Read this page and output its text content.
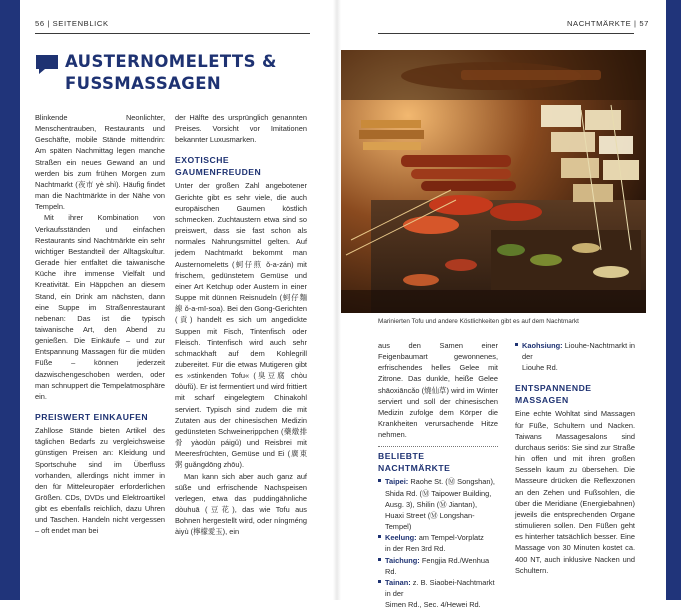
56 | SEITENBLICK	NACHTMÄRKTE | 57
AUSTERNOMELETTS &
FUSSMASSAGEN

Blinkende Neonlichter, Menschentrauben, Restaurants und Geschäfte, mobile Stände mittendrin: Am späten Nachmittag legen manche Straßen ein neues Gewand an und werden bis zum frühen Morgen zum Nachtmarkt (夜市 yè shì). Häufig findet man die Nachtmärkte in der Nähe von Tempeln.

Mit ihrer Kombination von Verkaufsständen und einfachen Restaurants sind Nachtmärkte ein sehr wichtiger Bestandteil der Alltagskultur. Gerade hier entfaltet die taiwanische Küche ihre immense Vielfalt und Kreativität. Ein Häppchen an diesem Stand, ein Drink am nächsten, dann eine Suppe im Straßenrestaurant nebenan: Das ist die typisch taiwanische Art, den Abend zu genießen. Die Einkäufe – und zur Entspannung Massagen für die müden Füße – können jederzeit dazwischengeschoben werden, oder man schnuppert die Tempelatmosphäre ein.

PREISWERT EINKAUFEN

Zahllose Stände bieten Artikel des täglichen Bedarfs zu vergleichsweise günstigen Preisen an: Kleidung und Sportschuhe sind im Überfluss vorhanden, allerdings nicht immer in den für Mitteleuropäer erforderlichen Größen. CDs, DVDs und Elektroartikel gibt es ebenfalls reichlich, dazu Uhren und Taschen. Handeln nicht vergessen – oft endet man bei

der Hälfte des ursprünglich genannten Preises. Vorsicht vor Imitationen bekannter Luxusmarken.

EXOTISCHE GAUMENFREUDEN

Unter der großen Zahl angebotener Gerichte gibt es sehr viele, die auch europäischen Gaumen köstlich schmecken. Zuchtaustern etwa sind so preiswert, dass sie fast schon als normales Nahrungsmittel gelten. Auf jedem Nachtmarkt bekommt man Austernomeletts (蚵仔煎 ǒ-a-zán) mit frischem, gedünstetem Gemüse und einer Art Ketchup oder Austern in einer Suppe mit dünnen Reisnudeln (蚵仔麵線 ǒ-a-mī-soa). Bei den Gong-Gerichten (貢) handelt es sich um angedickte Suppen mit Fisch, Tintenfisch oder Fleisch. Tintenfisch wird auch sehr schmackhaft auf dem Kohlegrill zubereitet. Für die etwas Mutigeren gibt es »stinkenden Tofu« (臭豆腐 chòu dòufǔ). Er ist fermentiert und wird frittiert mit scharf eingelegtem Chinakohl serviert. Typisch sind zudem die mit Zutaten aus der chinesischen Medizin gedünsteten Schweinerippchen (藥燉排骨 yàodùn páigǔ) und Reisbrei mit Meeresfrüchten, Gemüse und Ei (廣東粥 guǎngdōng zhōu).

Man kann sich aber auch ganz auf süße und erfrischende Nachspeisen verlegen, etwa das puddingähnliche dòuhuā (豆花), das wie Tofu aus Bohnen hergestellt wird, oder níngméng àiyù (檸檬愛玉), ein

Marinierten Tofu und andere Köstlichkeiten gibt es auf dem Nachtmarkt

aus den Samen einer Feigenbaumart gewonnenes, erfrischendes helles Gelee mit Zitrone. Das dunkle, heiße Gelee shāoxiāncǎo (燒仙草) wird im Winter serviert und soll der chinesischen Medizin zufolge dem Körper die Krankheiten verursachende Hitze nehmen.

BELIEBTE NACHTMÄRKTE
Taipei: Raohe St. (Ⓜ Songshan),
Shida Rd. (Ⓜ Taipower Building,
Ausg. 3), Shilin (Ⓜ Jiantan),
Huaxi Street (Ⓜ Longshan-Tempel)
Keelung: am Tempel-Vorplatz
in der Ren 3rd Rd.
Taichung: Fengjia Rd./Wenhua Rd.
Tainan: z. B. Siaobei-Nachtmarkt in der
Simen Rd., Sec. 4/Hewei Rd.
Kaohsiung: Liouhe-Nachtmarkt in der
Liouhe Rd.
ENTSPANNENDE MASSAGEN

Eine echte Wohltat sind Massagen für Füße, Schultern und Nacken. Taiwans Massagesalons sind durchaus seriös: Sie sind zur Straße hin offen und mit ihren großen Sesseln kaum zu übersehen. Die Masseure drücken die Reflexzonen an den Zehen und Fußsohlen, die über die Meridiane (Energiebahnen) jeweils die entsprechenden Organe stimulieren sollen. Den Füßen geht es hinterher tatsächlich besser. Eine Massage von 30 Minuten kostet ca. 400 NT, auch inklusive Nacken und Schultern.
